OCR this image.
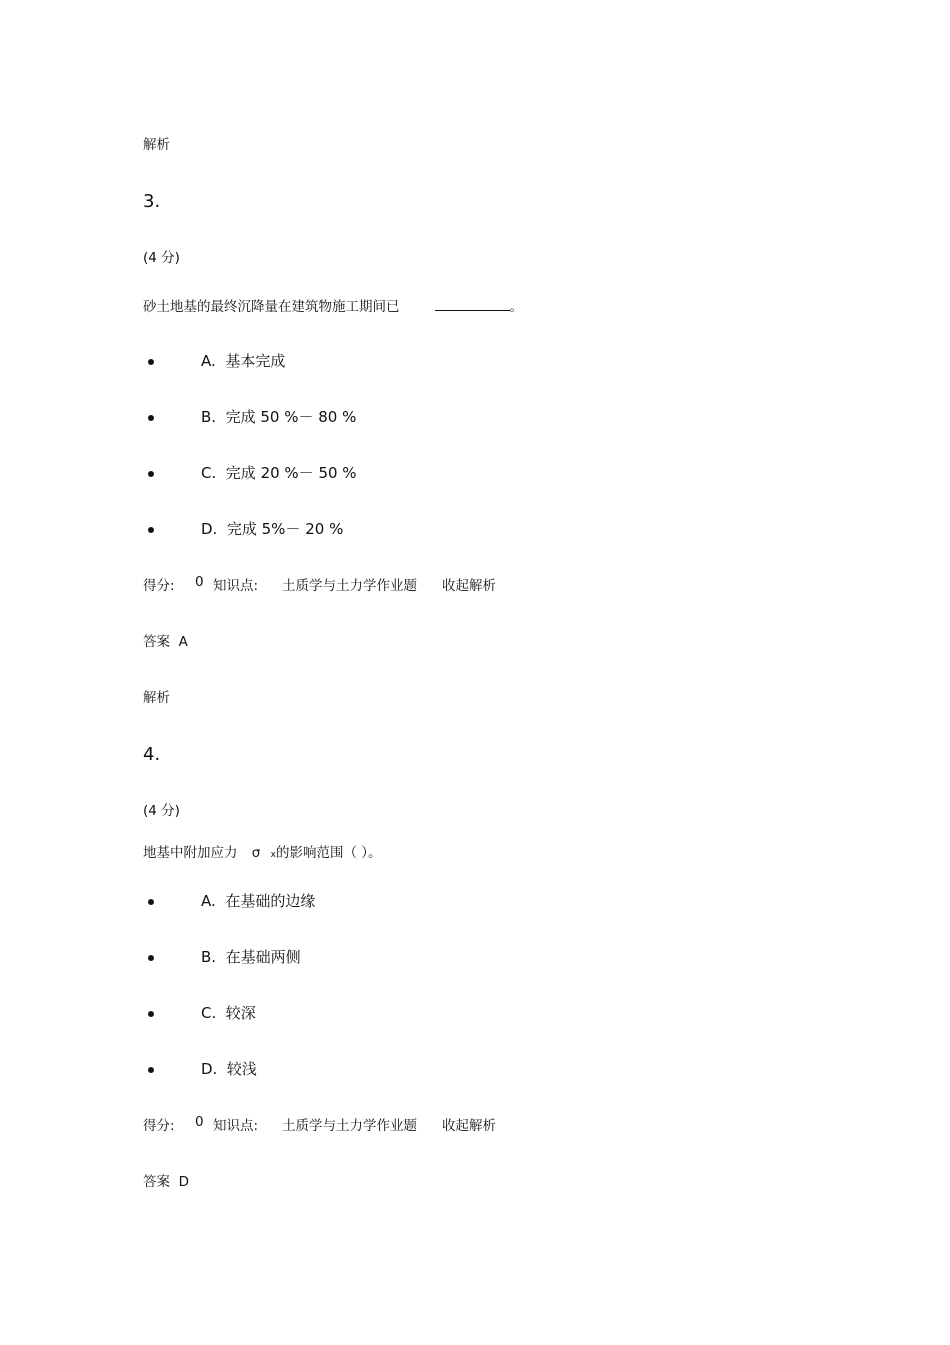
解析
3.
(4 分)
砂土地基的最终沉降量在建筑物施工期间已	。
A. 基本完成
B. 完成 50 %－ 80 %
C. 完成 20 %－ 50 %
D. 完成 5%－ 20 %
得分: 0 知识点: 土质学与土力学作业题 收起解析
答案 A
解析
4.
(4 分)
地基中附加应力 σ x的影响范围（ ）。
A. 在基础的边缘
B. 在基础两侧
C. 较深
D. 较浅
得分: 0 知识点: 土质学与土力学作业题 收起解析
答案 D
